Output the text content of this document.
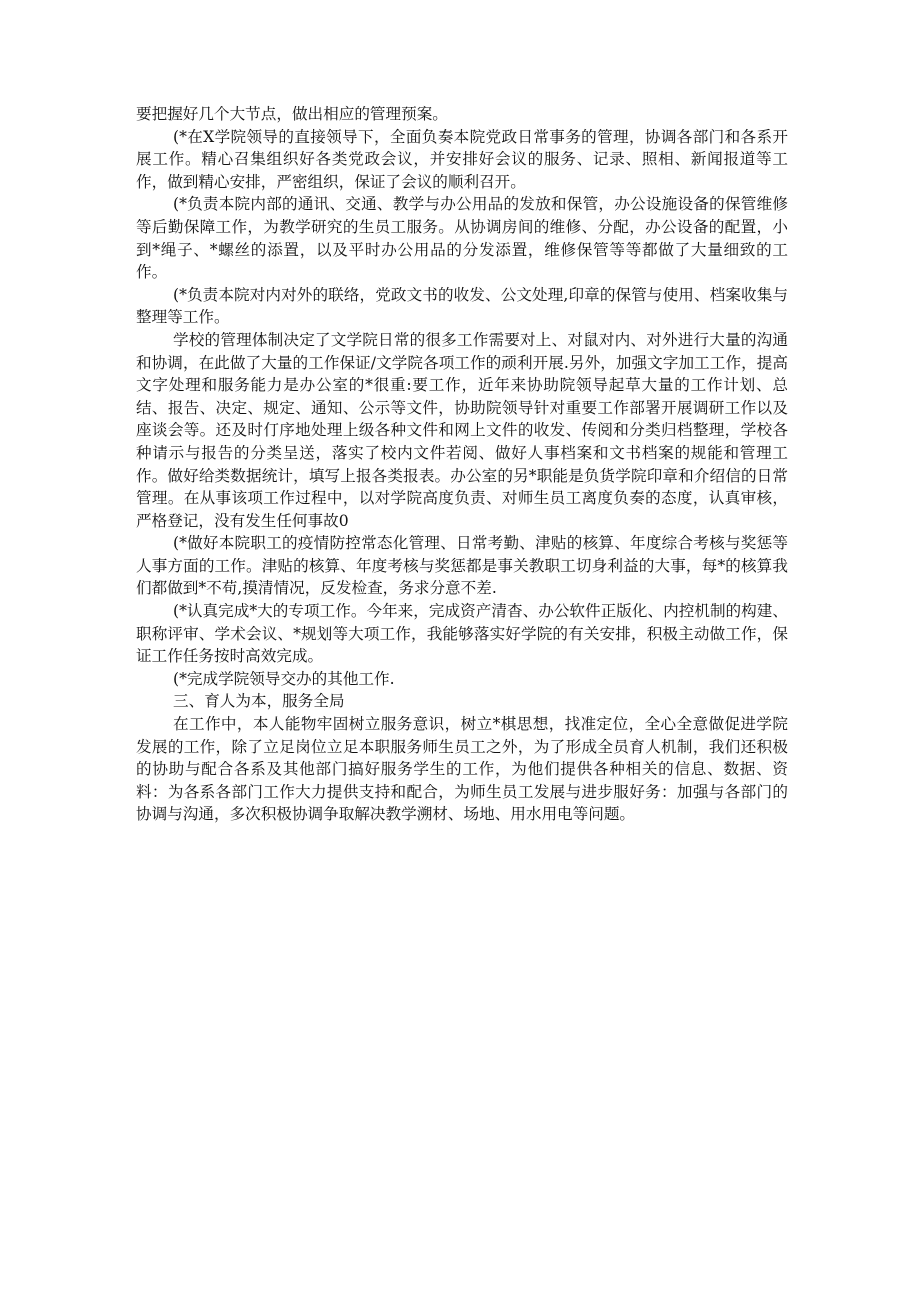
要把握好几个大节点，做出相应的管理预案。

(*在X学院领导的直接领导下，全面负奏本院党政日常事务的管理，协调各部门和各系开展工作。精心召集组织好各类党政会议，并安排好会议的服务、记录、照相、新闻报道等工作，做到精心安排，严密组织，保证了会议的顺利召开。

(*负责本院内部的通讯、交通、教学与办公用品的发放和保管，办公设施设备的保管维修等后勤保障工作，为教学研究的生员工服务。从协调房间的维修、分配，办公设备的配置，小到*绳子、*螺丝的添置，以及平时办公用品的分发添置，维修保管等等都做了大量细致的工作。

(*负责本院对内对外的联络，党政文书的收发、公文处理,印章的保管与使用、档案收集与整理等工作。

学校的管理体制决定了文学院日常的很多工作需要对上、对鼠对内、对外进行大量的沟通和协调，在此做了大量的工作保证/文学院各项工作的顽利开展.另外，加强文字加工工作，提高文字处理和服务能力是办公室的*很重:要工作，近年来协助院领导起草大量的工作计划、总结、报告、决定、规定、通知、公示等文件，协助院领导针对重要工作部署开展调研工作以及座谈会等。还及时仃序地处理上级各种文件和网上文件的收发、传阅和分类归档整理，学校各种请示与报告的分类呈送，落实了校内文件若阅、做好人事档案和文书档案的规能和管理工作。做好给类数据统计，填写上报各类报表。办公室的另*职能是负货学院印章和介绍信的日常管理。在从事该项工作过程中，以对学院高度负责、对师生员工离度负奏的态度，认真审核，严格登记，没有发生任何事故0

(*做好本院职工的疫情防控常态化管理、日常考勤、津贴的核算、年度综合考核与奖惩等人事方面的工作。津贴的核算、年度考核与奖惩都是事关教职工切身利益的大事，每*的核算我们都做到*不苟,摸清情况，反发检查，务求分意不差.

(*认真完成*大的专项工作。今年来，完成资产清杳、办公软件正版化、内控机制的构建、职称评审、学术会议、*规划等大项工作，我能够落实好学院的有关安排，积极主动做工作，保证工作任务按时高效完成。

(*完成学院领导交办的其他工作.

三、育人为本，服务全局

在工作中，本人能物牢固树立服务意识，树立*棋思想，找准定位，全心全意做促进学院发展的工作，除了立足岗位立足本职服务师生员工之外，为了形成全员育人机制，我们还积极的协助与配合各系及其他部门搞好服务学生的工作，为他们提供各种相关的信息、数据、资料：为各系各部门工作大力提供支持和配合，为师生员工发展与进步服好务：加强与各部门的协调与沟通，多次积极协调争取解决教学溯材、场地、用水用电等问题。
